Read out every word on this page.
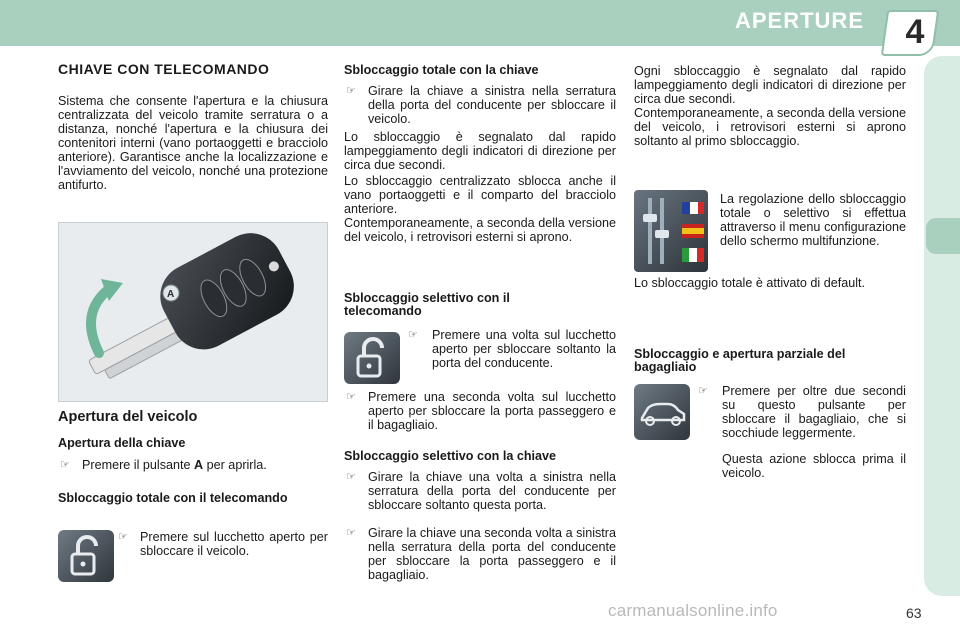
APERTURE	4
CHIAVE CON TELECOMANDO
Sistema che consente l'apertura e la chiusura centralizzata del veicolo tramite serratura o a distanza, nonché l'apertura e la chiusura dei contenitori interni (vano portaoggetti e bracciolo anteriore). Garantisce anche la localizzazione e l'avviamento del veicolo, nonché una protezione antifurto.
A
Apertura del veicolo
Apertura della chiave
☞ Premere il pulsante A per aprirla.
Sbloccaggio totale con il telecomando
☞ Premere sul lucchetto aperto per sbloccare il veicolo.
Sbloccaggio totale con la chiave
☞ Girare la chiave a sinistra nella serratura della porta del conducente per sbloccare il veicolo.
Lo sbloccaggio è segnalato dal rapido lampeggiamento degli indicatori di direzione per circa due secondi.
Lo sbloccaggio centralizzato sblocca anche il vano portaoggetti e il comparto del bracciolo anteriore.
Contemporaneamente, a seconda della versione del veicolo, i retrovisori esterni si aprono.
Sbloccaggio selettivo con il telecomando
☞ Premere una volta sul lucchetto aperto per sbloccare soltanto la porta del conducente.
☞ Premere una seconda volta sul lucchetto aperto per sbloccare la porta passeggero e il bagagliaio.
Sbloccaggio selettivo con la chiave
☞ Girare la chiave una volta a sinistra nella serratura della porta del conducente per sbloccare soltanto questa porta.
☞ Girare la chiave una seconda volta a sinistra nella serratura della porta del conducente per sbloccare la porta passeggero e il bagagliaio.
Ogni sbloccaggio è segnalato dal rapido lampeggiamento degli indicatori di direzione per circa due secondi.
Contemporaneamente, a seconda della versione del veicolo, i retrovisori esterni si aprono soltanto al primo sbloccaggio.
La regolazione dello sbloccaggio totale o selettivo si effettua attraverso il menu configurazione dello schermo multifunzione.
Lo sbloccaggio totale è attivato di default.
Sbloccaggio e apertura parziale del bagagliaio
☞ Premere per oltre due secondi su questo pulsante per sbloccare il bagagliaio, che si socchiude leggermente.
Questa azione sblocca prima il veicolo.
63
carmanualsonline.info
